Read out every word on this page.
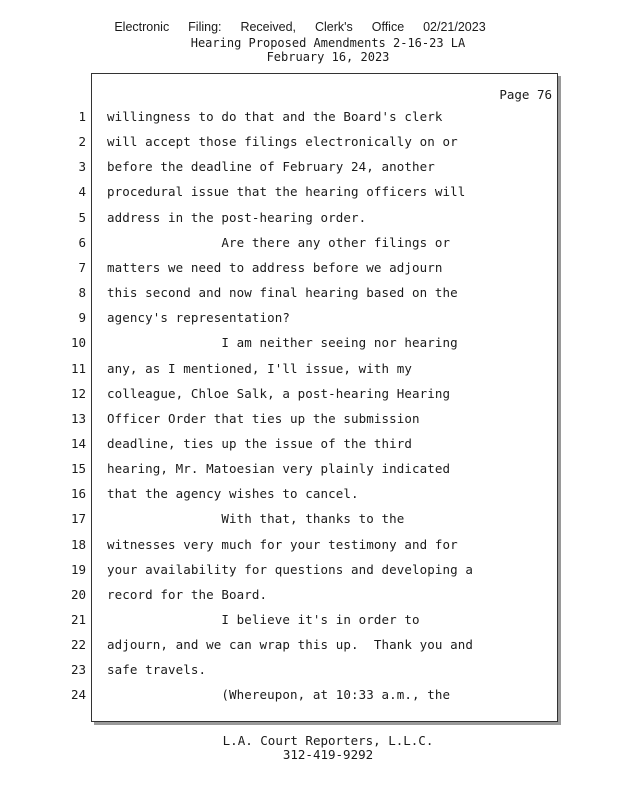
Electronic  Filing:  Received,  Clerk's  Office  02/21/2023
Hearing Proposed Amendments 2-16-23 LA
February 16, 2023
Page 76
1 willingness to do that and the Board's clerk
2 will accept those filings electronically on or
3 before the deadline of February 24, another
4 procedural issue that the hearing officers will
5 address in the post-hearing order.
6 Are there any other filings or
7 matters we need to address before we adjourn
8 this second and now final hearing based on the
9 agency's representation?
10 I am neither seeing nor hearing
11 any, as I mentioned, I'll issue, with my
12 colleague, Chloe Salk, a post-hearing Hearing
13 Officer Order that ties up the submission
14 deadline, ties up the issue of the third
15 hearing, Mr. Matoesian very plainly indicated
16 that the agency wishes to cancel.
17 With that, thanks to the
18 witnesses very much for your testimony and for
19 your availability for questions and developing a
20 record for the Board.
21 I believe it's in order to
22 adjourn, and we can wrap this up.  Thank you and
23 safe travels.
24 (Whereupon, at 10:33 a.m., the
L.A. Court Reporters, L.L.C.
312-419-9292
